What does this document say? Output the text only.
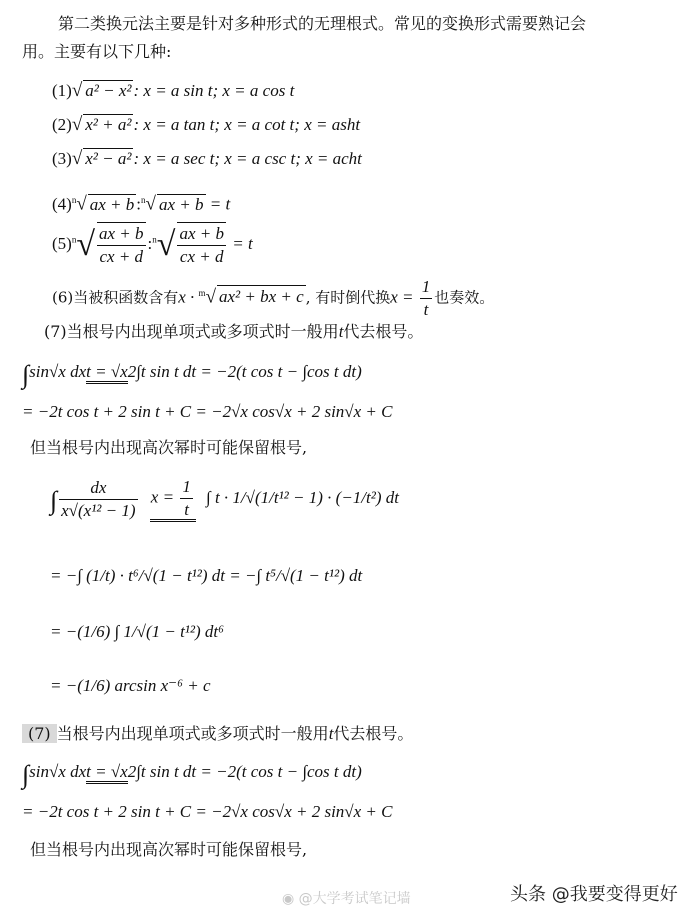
第二类换元法主要是针对多种形式的无理根式。常见的变换形式需要熟记会
用。主要有以下几种:
(1)√ a² − x² : x = a sin t; x = a cos t
(2)√ x² + a² : x = a tan t; x = a cot t; x = asht
(3)√ x² − a² : x = a sec t; x = a csc t; x = acht
$(4)^n√$ ax + b :$^n$√ ax + b = t
$(5)^n√ \frac{ax + b}{cx + d}$ :$^n$√ $\frac{ax + b}{cx + d} = t$
(6)当被积函数含有x · $^m$√ ax² + bx + c , 有时倒代换$x = \frac{1}{t}$ 也奏效。
(7)当根号内出现单项式或多项式时一般用t代去根号。
∫sin√x dxt = √x2∫t sin t dt = −2(t cos t − ∫cos t dt)
= −2t cos t + 2 sin t + C = −2√x cos√x + 2 sin√x + C
但当根号内出现高次幂时可能保留根号,
∫ $\frac{dx}{\text{x√(x¹² − 1)}}$ $x = \frac{1}{t}$ ∫ t · 1/√(1/t¹² − 1) · (−1/t²) dt
= −∫ (1/t) · t⁶/√(1 − t¹²) dt = −∫ t⁵/√(1 − t¹²) dt
= −(1/6) ∫ 1/√(1 − t¹²) dt⁶
= −(1/6) arcsin x⁻⁶ + c
(7) 当根号内出现单项式或多项式时一般用t代去根号。
∫sin√x dxt = √x2∫t sin t dt = −2(t cos t − ∫cos t dt)
= −2t cos t + 2 sin t + C = −2√x cos√x + 2 sin√x + C
但当根号内出现高次幂时可能保留根号,
◉ @大学考试笔记墙	头条 @我要变得更好
